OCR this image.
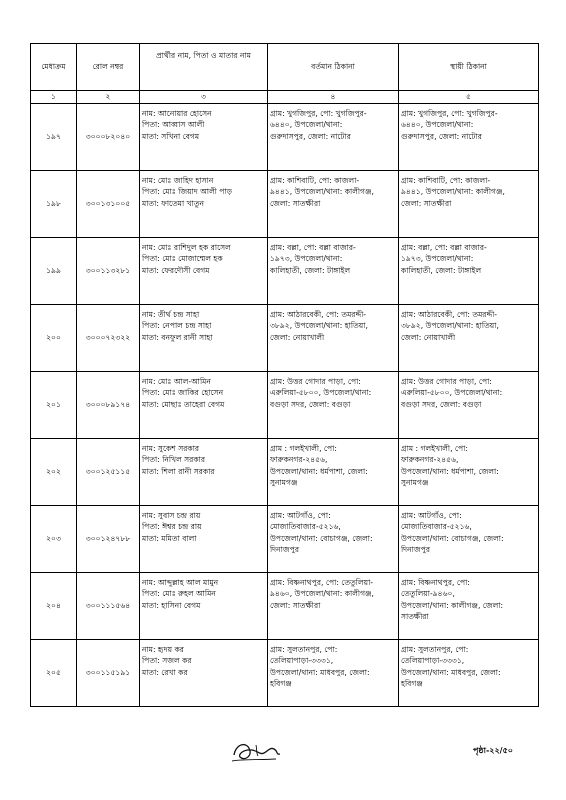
মেধাক্রম	রোল নম্বর	প্রার্থীর নাম, পিতা ও মাতার নাম	বর্তমান ঠিকানা	স্থায়ী ঠিকানা
১	২	৩	৪	৫
১৯৭	৩০০০৮২০৪০	নাম: আনোয়ার হোসেন
পিতা: আব্বাস আলী
মাতা: সখিনা বেগম	গ্রাম: খুগজিপুর, পো: খুগজিপুর-
৬৪৪০, উপজেলা/থানা:
গুরুদাসপুর, জেলা: নাটোর	গ্রাম: খুগজিপুর, পো: খুগজিপুর-
৬৪৪০, উপজেলা/থানা:
গুরুদাসপুর, জেলা: নাটোর

১৯৮	৩০০১৩১০০৫	নাম: মোঃ জাহিদ হাসান
পিতা: মোঃ জিয়াদ আলী পাড়
মাতা: ফাতেমা খাতুন	গ্রাম: কাশিবাটি, পো: কাজলা-
৯৪৪১, উপজেলা/থানা: কালীগঞ্জ,
জেলা: সাতক্ষীরা	গ্রাম: কাশিবাটি, পো: কাজলা-
৯৪৪১, উপজেলা/থানা: কালীগঞ্জ,
জেলা: সাতক্ষীরা

১৯৯	৩০০১১৩২৮১	নাম: মোঃ রাশিদুল হক রাসেল
পিতা: মোঃ মোজাম্মেল হক
মাতা: ফেরদৌসী বেগম	গ্রাম: বল্লা, পো: বল্লা বাজার-
১৯৭৩, উপজেলা/থানা:
কালিহাতী, জেলা: টাঙ্গাইল	গ্রাম: বল্লা, পো: বল্লা বাজার-
১৯৭৩, উপজেলা/থানা:
কালিহাতী, জেলা: টাঙ্গাইল

২০০	৩০০০৭২৩২২	নাম: তীর্থ চন্দ্র সাহা
পিতা: নেপাল চন্দ্র সাহা
মাতা: বনফুল রানী সাহা	গ্রাম: আঠারবেকী, পো: তমরদ্দী-
৩৮৯২, উপজেলা/থানা: হাতিয়া,
জেলা: নোয়াখালী	গ্রাম: আঠারবেকী, পো: তমরদ্দী-
৩৮৯২, উপজেলা/থানা: হাতিয়া,
জেলা: নোয়াখালী

২০১	৩০০০৮৯১৭৪	নাম: মোঃ আল-আমিন
পিতা: মোঃ জাকির হোসেন
মাতা: মোছাঃ তাহেরা বেগম	গ্রাম: উত্তর গোদার পাড়া, পো:
এরুলিয়া-৫৮০০, উপজেলা/থানা:
বগুড়া সদর, জেলা: বগুড়া	গ্রাম: উত্তর গোদার পাড়া, পো:
এরুলিয়া-৫৮০০, উপজেলা/থানা:
বগুড়া সদর, জেলা: বগুড়া

২০২	৩০০১২৫১১৫	নাম: সুকেশ সরকার
পিতা: নিখিল সরকার
মাতা: শিলা রানী সরকার	গ্রাম : গলইখালী, পো:
ফারুকনগর-২৪৫৬,
উপজেলা/থানা: ধর্মপাশা, জেলা:
সুনামগঞ্জ	গ্রাম : গলইখালী, পো:
ফারুকনগর-২৪৫৬,
উপজেলা/থানা: ধর্মপাশা, জেলা:
সুনামগঞ্জ

২০৩	৩০০১২৪৭৮৮	নাম: সুবাস চন্দ্র রায়
পিতা: ঈশ্বর চন্দ্র রায়
মাতা: মমিতা বালা	গ্রাম: আটগাঁও, পো:
মোজাতিবাজার-৫২১৬,
উপজেলা/থানা: বোচাগঞ্জ, জেলা:
দিনাজপুর	গ্রাম: আটগাঁও, পো:
মোজাতিবাজার-৫২১৬,
উপজেলা/থানা: বোচাগঞ্জ, জেলা:
দিনাজপুর

২০৪	৩০০১১১৫৬৪	নাম: আব্দুল্লাহ আল মামুন
পিতা: মোঃ রুহল আমিন
মাতা: হাসিনা বেগম	গ্রাম: বিষ্ণনাথপুর, পো: তেতুলিয়া-
৯৪৬০, উপজেলা/থানা: কালীগঞ্জ,
জেলা: সাতক্ষীরা	গ্রাম: বিষ্ণনাথপুর, পো:
তেতুলিয়া-৯৪৬০,
উপজেলা/থানা: কালীগঞ্জ, জেলা:
সাতক্ষীরা

২০৫	৩০০১১৫১৯১	নাম: হৃদয় কর
পিতা: সজল কর
মাতা: রেখা কর	গ্রাম: সুলতানপুর, পো:
তেলিয়াপাড়া-৩৩৩১,
উপজেলা/থানা: মাধবপুর, জেলা:
হবিগঞ্জ	গ্রাম: সুলতানপুর, পো:
তেলিয়াপাড়া-৩৩৩১,
উপজেলা/থানা: মাধবপুর, জেলা:
হবিগঞ্জ
পৃষ্ঠা-২২/৫০
